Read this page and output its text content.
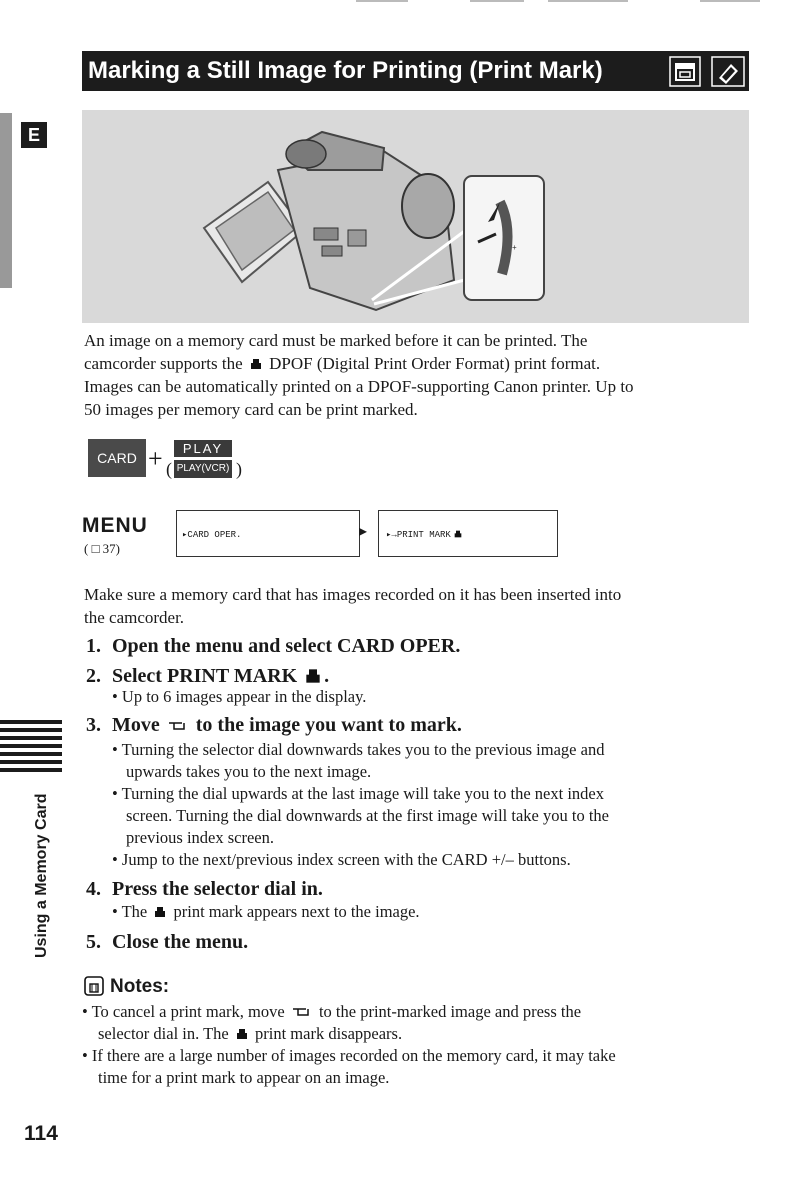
Marking a Still Image for Printing (Print Mark)
E
+

An image on a memory card must be marked before it can be printed. The

camcorder supports the DPOF (Digital Print Order Format) print format.

Images can be automatically printed on a DPOF-supporting Canon printer. Up to

50 images per memory card can be print marked.

CARD + (
PLAY
PLAY(VCR) )
MENU
( □ 37)
▸CARD OPER.	▸ ▸→PRINT MARK

Make sure a memory card that has images recorded on it has been inserted into

the camcorder.

1. Open the menu and select CARD OPER.

2. Select PRINT MARK .

• Up to 6 images appear in the display.

3. Move to the image you want to mark.

• Turning the selector dial downwards takes you to the previous image and

upwards takes you to the next image.

• Turning the dial upwards at the last image will take you to the next index

screen. Turning the dial downwards at the first image will take you to the

previous index screen.

• Jump to the next/previous index screen with the CARD +/– buttons.

4. Press the selector dial in.

• The print mark appears next to the image.

5. Close the menu.

Using a Memory Card
Notes:

• To cancel a print mark, move to the print-marked image and press the

selector dial in. The print mark disappears.

• If there are a large number of images recorded on the memory card, it may take

time for a print mark to appear on an image.

114
